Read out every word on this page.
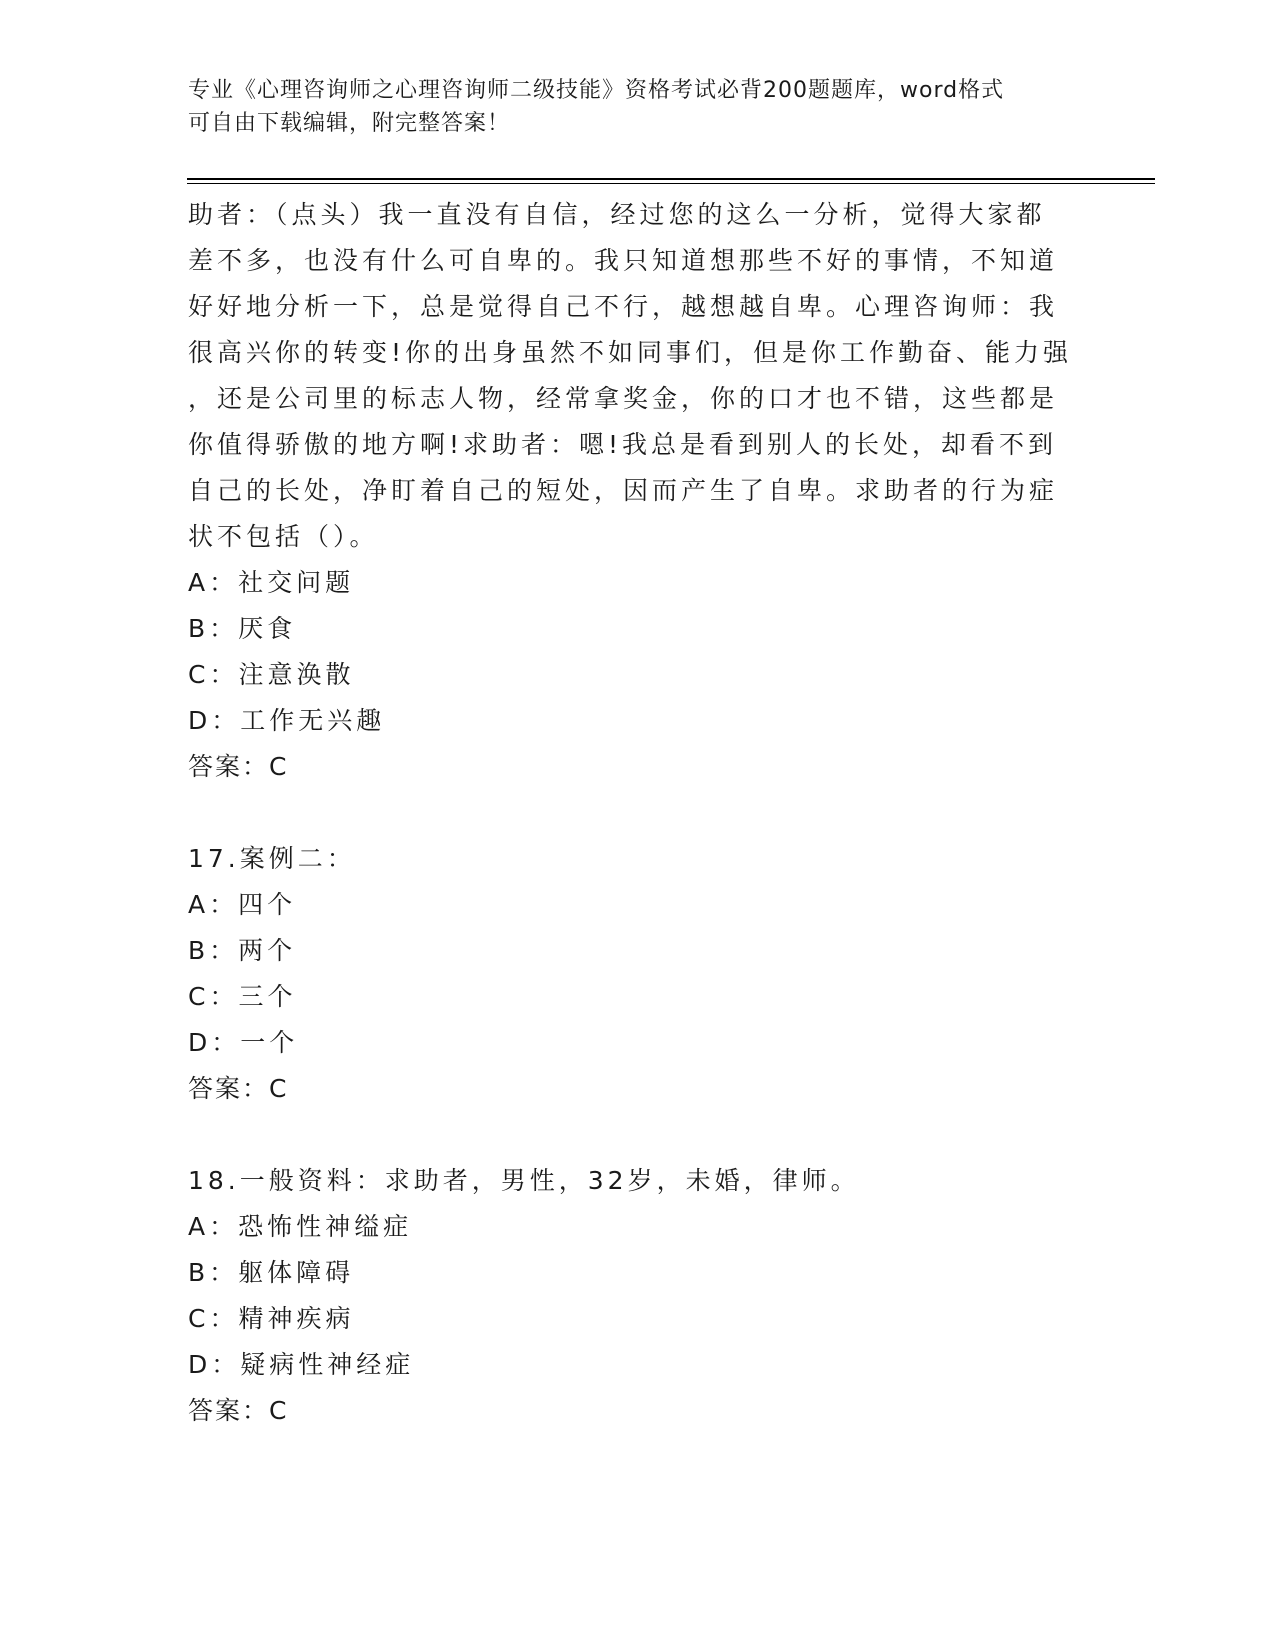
专业《心理咨询师之心理咨询师二级技能》资格考试必背200题题库，word格式
可自由下载编辑，附完整答案！
助者：（点头）我一直没有自信，经过您的这么一分析，觉得大家都
差不多，也没有什么可自卑的。我只知道想那些不好的事情，不知道
好好地分析一下，总是觉得自己不行，越想越自卑。心理咨询师：我
很高兴你的转变!你的出身虽然不如同事们，但是你工作勤奋、能力强
，还是公司里的标志人物，经常拿奖金，你的口才也不错，这些都是
你值得骄傲的地方啊!求助者：嗯!我总是看到别人的长处，却看不到
自己的长处，净盯着自己的短处，因而产生了自卑。求助者的行为症
状不包括（）。
A：社交问题
B：厌食
C：注意涣散
D：工作无兴趣
答案：C
17.案例二：
A：四个
B：两个
C：三个
D：一个
答案：C
18.一般资料：求助者，男性，32岁，未婚，律师。
A：恐怖性神缢症
B：躯体障碍
C：精神疾病
D：疑病性神经症
答案：C
